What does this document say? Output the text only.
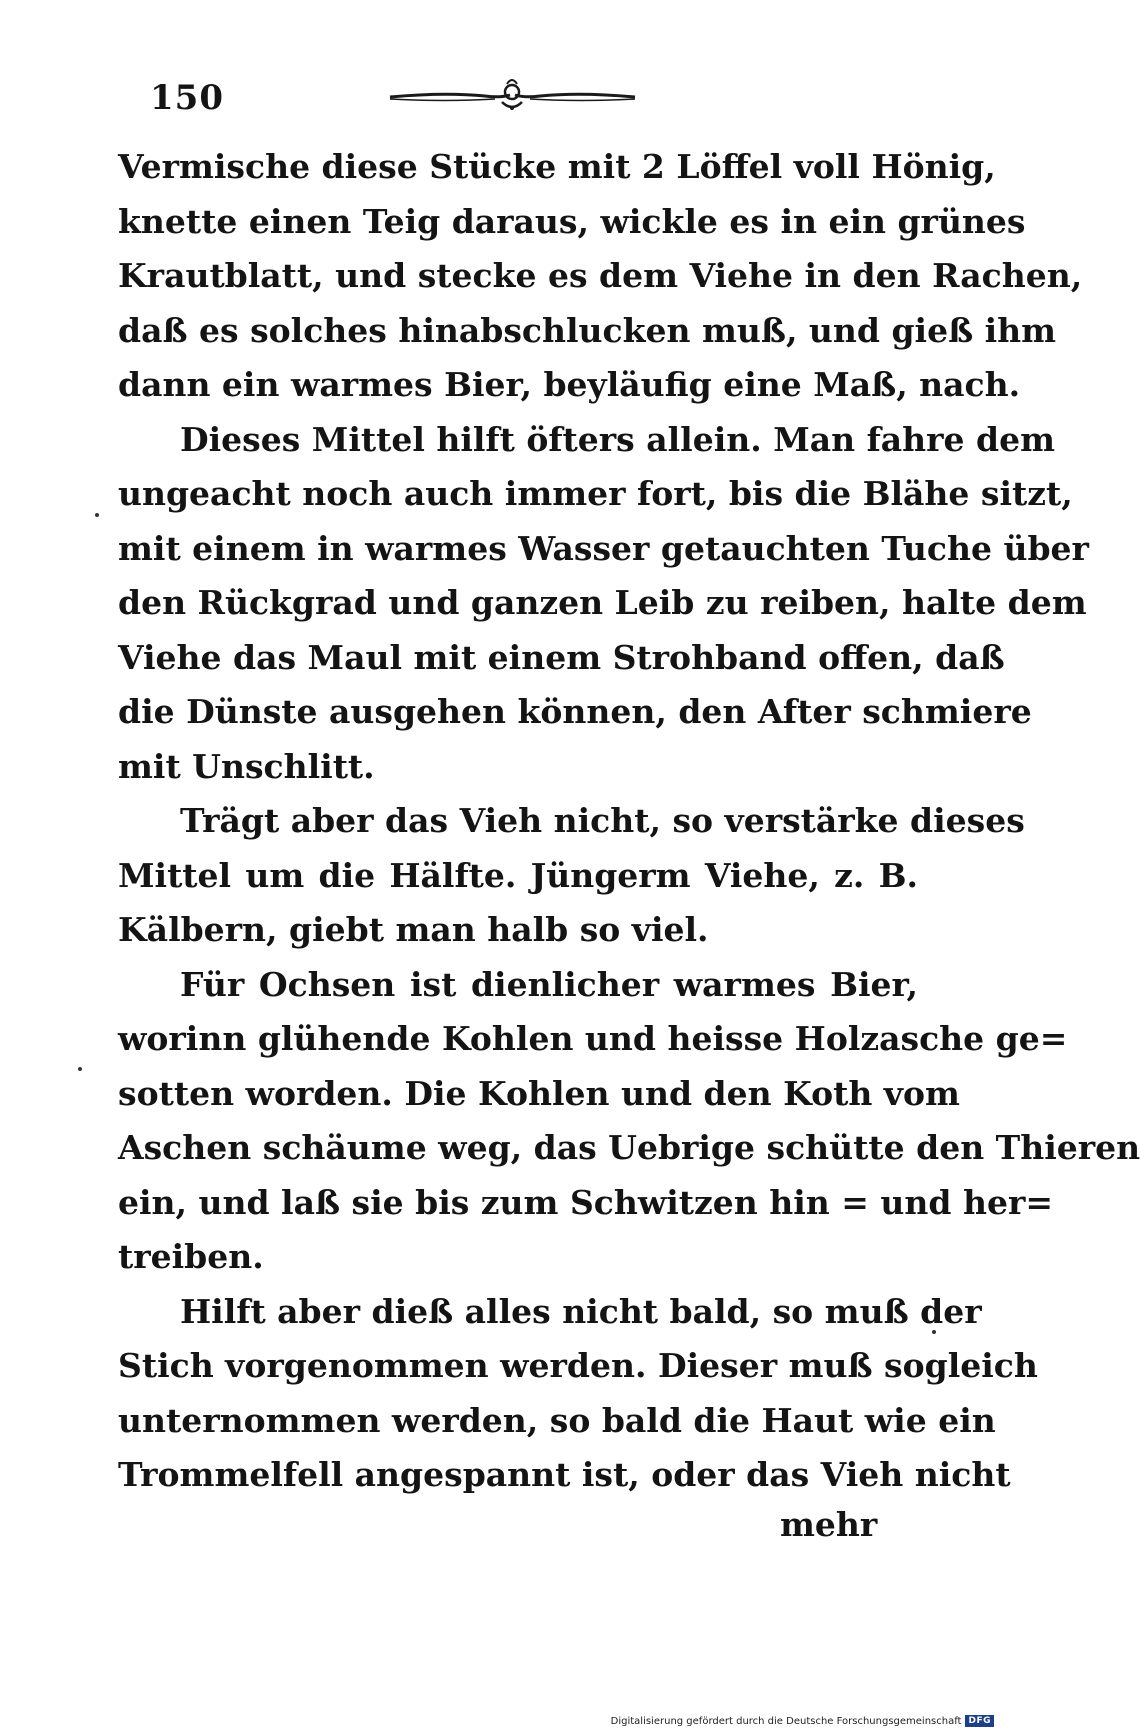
150
Vermische diese Stücke mit 2 Löffel voll Hönig,
knette einen Teig daraus, wickle es in ein grünes
Krautblatt, und stecke es dem Viehe in den Rachen,
daß es solches hinabschlucken muß, und gieß ihm
dann ein warmes Bier, beyläufig eine Maß, nach.
Dieses Mittel hilft öfters allein. Man fahre dem
ungeacht noch auch immer fort, bis die Blähe sitzt,
mit einem in warmes Wasser getauchten Tuche über
den Rückgrad und ganzen Leib zu reiben, halte dem
Viehe das Maul mit einem Strohband offen, daß
die Dünste ausgehen können, den After schmiere
mit Unschlitt.
Trägt aber das Vieh nicht, so verstärke dieses
Mittel um die Hälfte. Jüngerm Viehe, z. B.
Kälbern, giebt man halb so viel.
Für Ochsen ist dienlicher warmes Bier,
worinn glühende Kohlen und heisse Holzasche ge=
sotten worden. Die Kohlen und den Koth vom
Aschen schäume weg, das Uebrige schütte den Thieren
ein, und laß sie bis zum Schwitzen hin = und her=
treiben.
Hilft aber dieß alles nicht bald, so muß der
Stich vorgenommen werden. Dieser muß sogleich
unternommen werden, so bald die Haut wie ein
Trommelfell angespannt ist, oder das Vieh nicht
mehr
Digitalisierung gefördert durch die Deutsche Forschungsgemeinschaft DFG
